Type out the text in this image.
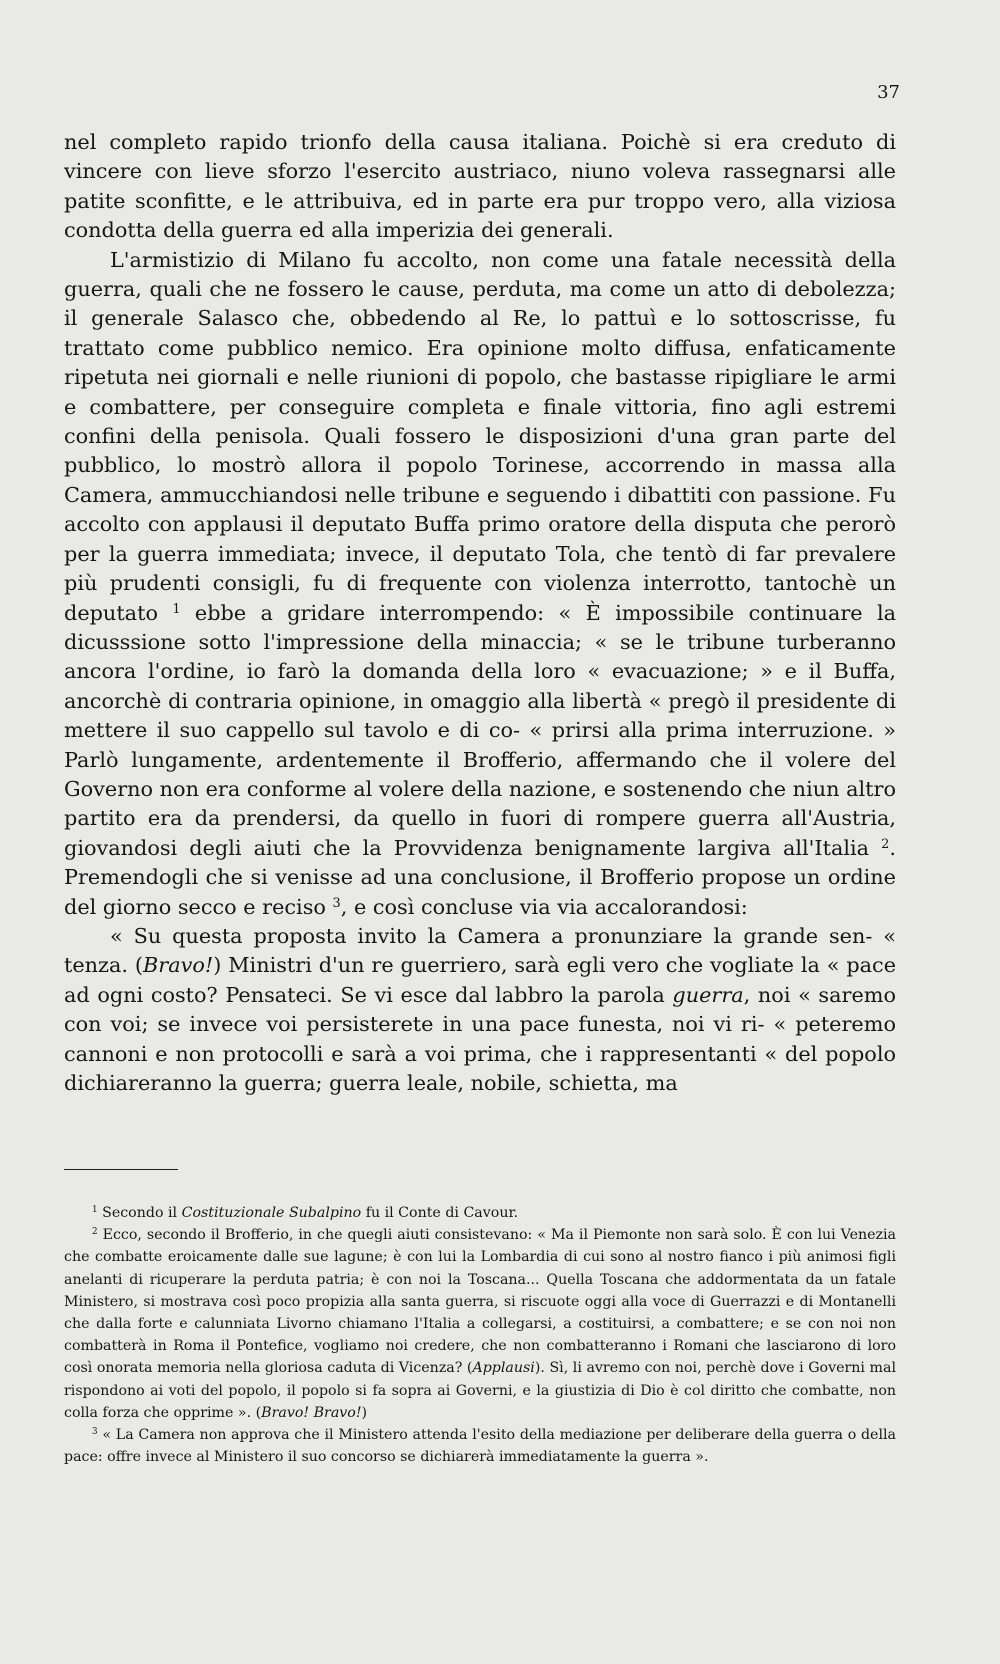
37

nel completo rapido trionfo della causa italiana. Poichè si era creduto di vincere con lieve sforzo l'esercito austriaco, niuno voleva rassegnarsi alle patite sconfitte, e le attribuiva, ed in parte era pur troppo vero, alla viziosa condotta della guerra ed alla imperizia dei generali.

L'armistizio di Milano fu accolto, non come una fatale necessità della guerra, quali che ne fossero le cause, perduta, ma come un atto di debolezza; il generale Salasco che, obbedendo al Re, lo pattuì e lo sottoscrisse, fu trattato come pubblico nemico. Era opinione molto diffusa, enfaticamente ripetuta nei giornali e nelle riunioni di popolo, che bastasse ripigliare le armi e combattere, per conseguire completa e finale vittoria, fino agli estremi confini della penisola. Quali fossero le disposizioni d'una gran parte del pubblico, lo mostrò allora il popolo Torinese, accorrendo in massa alla Camera, ammucchiandosi nelle tribune e seguendo i dibattiti con passione. Fu accolto con applausi il deputato Buffa primo oratore della disputa che perorò per la guerra immediata; invece, il deputato Tola, che tentò di far prevalere più prudenti consigli, fu di frequente con violenza interrotto, tantochè un deputato $^1$ ebbe a gridare interrompendo: « È impossibile continuare la dicusssione sotto l'impressione della minaccia; « se le tribune turberanno ancora l'ordine, io farò la domanda della loro « evacuazione; » e il Buffa, ancorchè di contraria opinione, in omaggio alla libertà « pregò il presidente di mettere il suo cappello sul tavolo e di co- « prirsi alla prima interruzione. » Parlò lungamente, ardentemente il Brofferio, affermando che il volere del Governo non era conforme al volere della nazione, e sostenendo che niun altro partito era da prendersi, da quello in fuori di rompere guerra all'Austria, giovandosi degli aiuti che la Provvidenza benignamente largiva all'Italia $^2$. Premendogli che si venisse ad una conclusione, il Brofferio propose un ordine del giorno secco e reciso $^3$, e così concluse via via accalorandosi:

« Su questa proposta invito la Camera a pronunziare la grande sen- « tenza. (Bravo!) Ministri d'un re guerriero, sarà egli vero che vogliate la « pace ad ogni costo? Pensateci. Se vi esce dal labbro la parola guerra, noi « saremo con voi; se invece voi persisterete in una pace funesta, noi vi ri- « peteremo cannoni e non protocolli e sarà a voi prima, che i rappresentanti « del popolo dichiareranno la guerra; guerra leale, nobile, schietta, ma

$^1$ Secondo il Costituzionale Subalpino fu il Conte di Cavour.

$^2$ Ecco, secondo il Brofferio, in che quegli aiuti consistevano: « Ma il Piemonte non sarà solo. È con lui Venezia che combatte eroicamente dalle sue lagune; è con lui la Lombardia di cui sono al nostro fianco i più animosi figli anelanti di ricuperare la perduta patria; è con noi la Toscana... Quella Toscana che addormentata da un fatale Ministero, si mostrava così poco propizia alla santa guerra, si riscuote oggi alla voce di Guerrazzi e di Montanelli che dalla forte e calunniata Livorno chiamano l'Italia a collegarsi, a costituirsi, a combattere; e se con noi non combatterà in Roma il Pontefice, vogliamo noi credere, che non combatteranno i Romani che lasciarono di loro così onorata memoria nella gloriosa caduta di Vicenza? (Applausi). Sì, li avremo con noi, perchè dove i Governi mal rispondono ai voti del popolo, il popolo si fa sopra ai Governi, e la giustizia di Dio è col diritto che combatte, non colla forza che opprime ». (Bravo! Bravo!)

$^3$ « La Camera non approva che il Ministero attenda l'esito della mediazione per deliberare della guerra o della pace: offre invece al Ministero il suo concorso se dichiarerà immediatamente la guerra ».
